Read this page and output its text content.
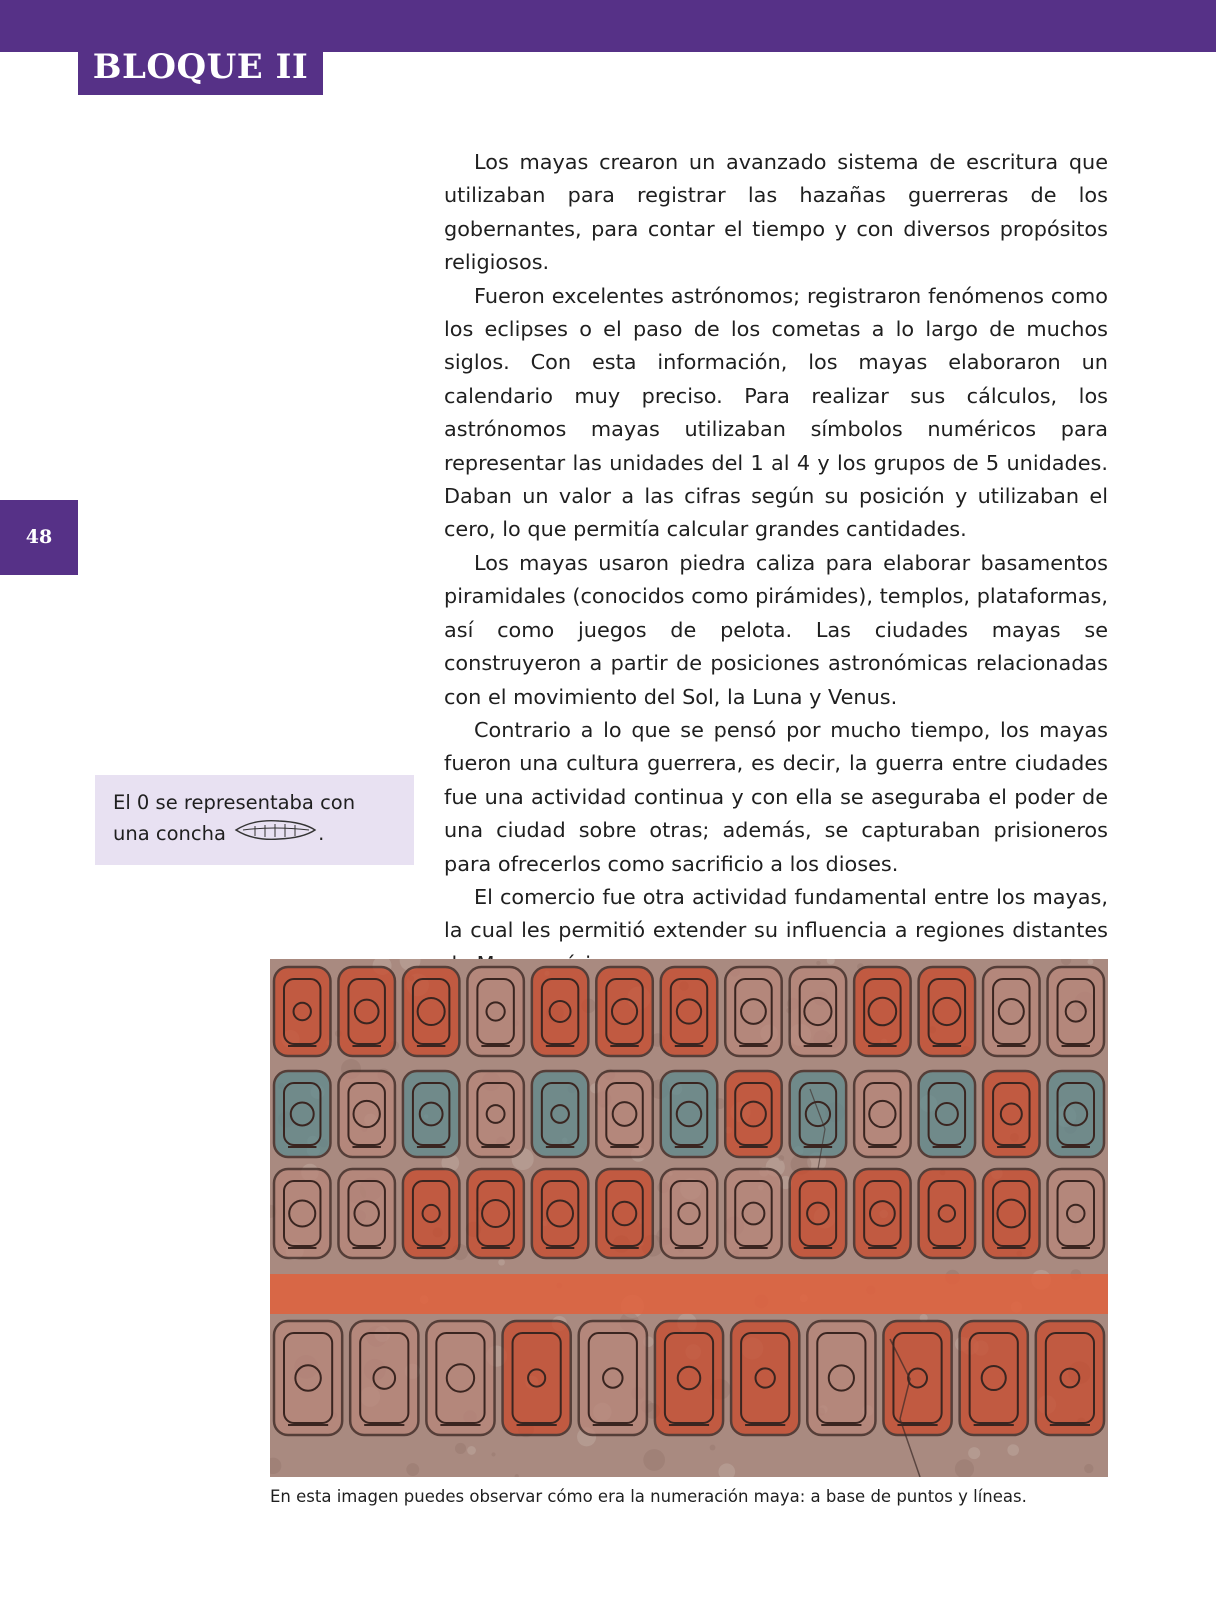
BLOQUE II
48

Los mayas crearon un avanzado sistema de escritura que utilizaban para registrar las hazañas guerreras de los gobernantes, para contar el tiempo y con diversos propósitos religiosos.

Fueron excelentes astrónomos; registraron fenómenos como los eclipses o el paso de los cometas a lo largo de muchos siglos. Con esta información, los mayas elaboraron un calendario muy preciso. Para realizar sus cálculos, los astrónomos mayas utilizaban símbolos numéricos para representar las unidades del 1 al 4 y los grupos de 5 unidades. Daban un valor a las cifras según su posición y utilizaban el cero, lo que permitía calcular grandes cantidades.

Los mayas usaron piedra caliza para elaborar basamentos piramidales (conocidos como pirámides), templos, plataformas, así como juegos de pelota. Las ciudades mayas se construyeron a partir de posiciones astronómicas relacionadas con el movimiento del Sol, la Luna y Venus.

Contrario a lo que se pensó por mucho tiempo, los mayas fueron una cultura guerrera, es decir, la guerra entre ciudades fue una actividad continua y con ella se aseguraba el poder de una ciudad sobre otras; además, se capturaban prisioneros para ofrecerlos como sacrificio a los dioses.

El comercio fue otra actividad fundamental entre los mayas, la cual les permitió extender su influencia a regiones distantes

El 0 se representaba con
una concha	.
En esta imagen puedes observar cómo era la numeración maya: a base de puntos y líneas.
